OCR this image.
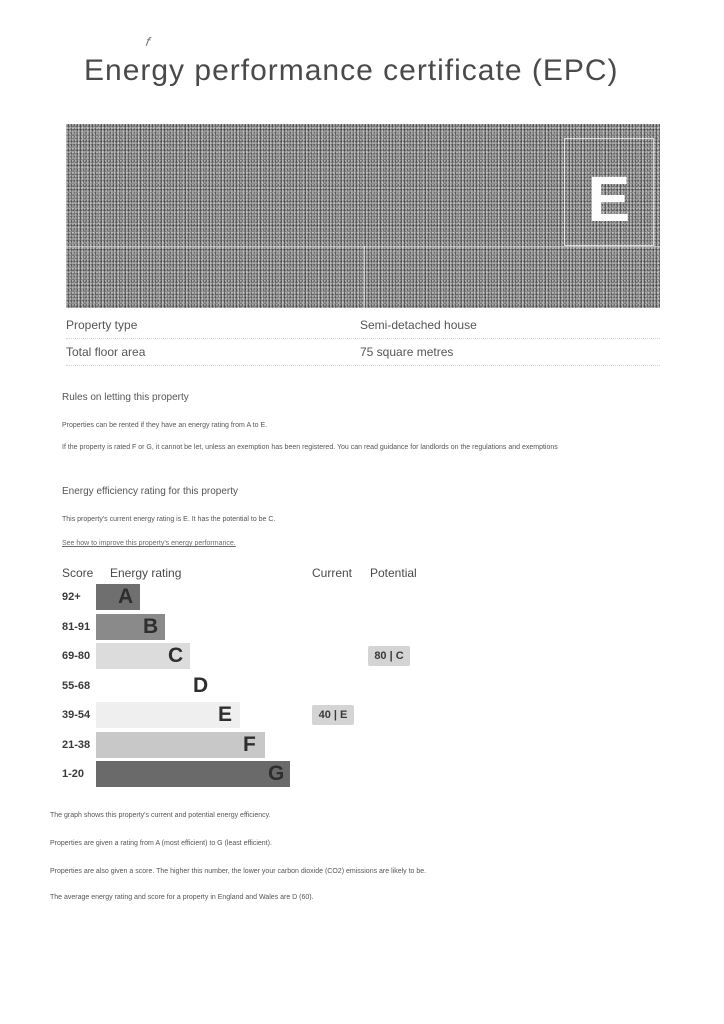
f
Energy performance certificate (EPC)
E
Property type	Semi-detached house
Total floor area	75 square metres
Rules on letting this property
Properties can be rented if they have an energy rating from A to E.
If the property is rated F or G, it cannot be let, unless an exemption has been registered. You can read guidance for landlords on the regulations and exemptions
Energy efficiency rating for this property
This property's current energy rating is E. It has the potential to be C.
See how to improve this property's energy performance.
Score Energy rating	Current Potential
92+	A
81-91	B
69-80	C
55-68	D
39-54	E
21-38	F
1-20	G
40 | E
80 | C
The graph shows this property's current and potential energy efficiency.
Properties are given a rating from A (most efficient) to G (least efficient).
Properties are also given a score. The higher this number, the lower your carbon dioxide (CO2) emissions are likely to be.
The average energy rating and score for a property in England and Wales are D (60).
